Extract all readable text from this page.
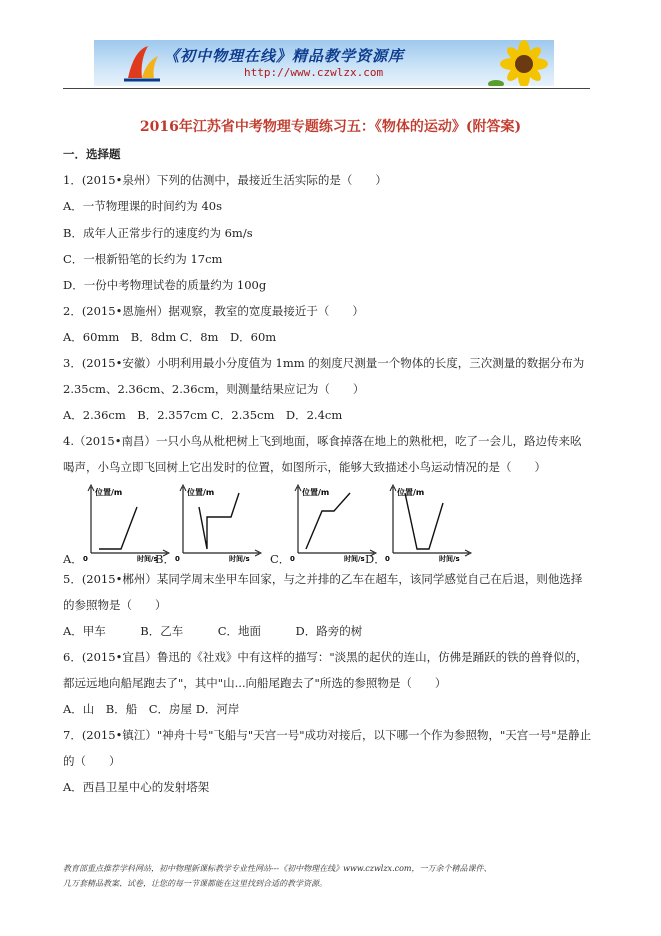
《初中物理在线》精品教学资源库
http://www.czwlzx.com
2016年江苏省中考物理专题练习五：《物体的运动》(附答案)
一．选择题
1．(2015•泉州）下列的估测中，最接近生活实际的是（　　）
A．一节物理课的时间约为 40s
B．成年人正常步行的速度约为 6m/s
C．一根新铅笔的长约为 17cm
D．一份中考物理试卷的质量约为 100g
2．(2015•恩施州）据观察，教室的宽度最接近于（　　）
A．60mm　B．8dm C．8m　D．60m
3．(2015•安徽）小明利用最小分度值为 1mm 的刻度尺测量一个物体的长度，三次测量的数据分布为
2.35cm、2.36cm、2.36cm，则测量结果应记为（　　）
A．2.36cm　B．2.357cm C．2.35cm　D．2.4cm
4.（2015•南昌）一只小鸟从枇杷树上飞到地面，啄食掉落在地上的熟枇杷，吃了一会儿，路边传来吆
喝声，小鸟立即飞回树上它出发时的位置，如图所示，能够大致描述小鸟运动情况的是（　　）
5．(2015•郴州）某同学周末坐甲车回家，与之并排的乙车在超车，该同学感觉自己在后退，则他选择
的参照物是（　　）
A．甲车　　　B．乙车　　　C．地面　　　D．路旁的树
6．(2015•宜昌）鲁迅的《社戏》中有这样的描写："淡黑的起伏的连山，仿佛是踊跃的铁的兽脊似的，
都远远地向船尾跑去了"，其中"山...向船尾跑去了"所选的参照物是（　　）
A．山　B．船　C．房屋 D．河岸
7．(2015•镇江）"神舟十号"飞船与"天宫一号"成功对接后，以下哪一个作为参照物，"天宫一号"是静止
的（　　）
A．西昌卫星中心的发射塔架
A．
位置/m
时间/s
0	B．
位置/m
时间/s
0	C．
位置/m
时间/s
0	D．
位置/m
时间/s
0
教育部重点推荐学科网站，初中物理新课标教学专业性网站---《初中物理在线》www.czwlzx.com，一万余个精品课件、
几万套精品教案、试卷，让您的每一节课都能在这里找到合适的教学资源。
